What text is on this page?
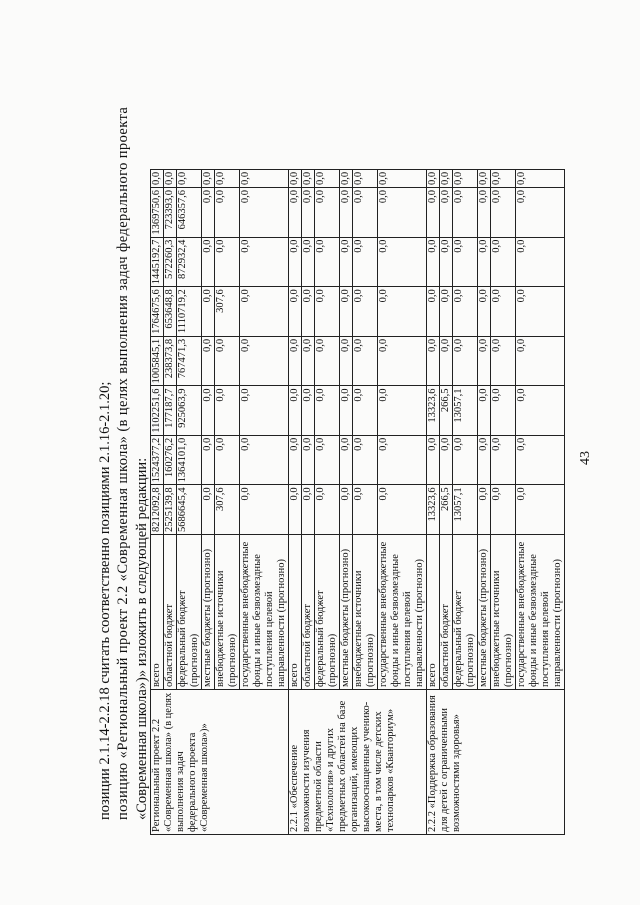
43
позиции 2.1.14-2.2.18 считать соответственно позициями 2.1.16-2.1.20; позицию «Региональный проект 2.2 «Современная школа» (в целях выполнения задач федерального проекта «Современная школа»)» изложить в следующей редакции: Региональный проект 2.2 «Современная школа» (в целях выполнения задач федерального проекта «Современная школа»)»	всего	8212092,8	1524377,2	1102251,6	1005845,1	1764675,6	1445192,7	1369750,6	0,0
	областной бюджет	2525139,8	160276,2	177187,7	238373,8	653648,8	572260,3	723393,0	0,0
	федеральный бюджет (прогнозно)	5686645,4	1364101,0	925063,9	767471,3	1110719,2	872932,4	646357,6	0,0
	местные бюджеты (прогнозно)	0,0	0,0	0,0	0,0	0,0	0,0	0,0	0,0
	внебюджетные источники (прогнозно)	307,6	0,0	0,0	0,0	307,6	0,0	0,0	0,0
	государственные внебюджетные фонды и иные безвозмездные поступления целевой направленности (прогнозно)	0,0	0,0	0,0	0,0	0,0	0,0	0,0	0,0
2.2.1 «Обеспечение возможности изучения предметной области «Технология» и других предметных областей на базе организаций, имеющих высокооснащенные ученико-места, в том числе детских технопарков «Кванториум»	всего	0,0	0,0	0,0	0,0	0,0	0,0	0,0	0,0
	областной бюджет	0,0	0,0	0,0	0,0	0,0	0,0	0,0	0,0
	федеральный бюджет (прогнозно)	0,0	0,0	0,0	0,0	0,0	0,0	0,0	0,0
	местные бюджеты (прогнозно)	0,0	0,0	0,0	0,0	0,0	0,0	0,0	0,0
	внебюджетные источники (прогнозно)	0,0	0,0	0,0	0,0	0,0	0,0	0,0	0,0
	государственные внебюджетные фонды и иные безвозмездные поступления целевой направленности (прогнозно)	0,0	0,0	0,0	0,0	0,0	0,0	0,0	0,0
2.2.2 «Поддержка образования для детей с ограниченными возможностями здоровья»	всего	13323,6	0,0	13323,6	0,0	0,0	0,0	0,0	0,0
	областной бюджет	266,5	0,0	266,5	0,0	0,0	0,0	0,0	0,0
	федеральный бюджет (прогнозно)	13057,1	0,0	13057,1	0,0	0,0	0,0	0,0	0,0
	местные бюджеты (прогнозно)	0,0	0,0	0,0	0,0	0,0	0,0	0,0	0,0
	внебюджетные источники (прогнозно)	0,0	0,0	0,0	0,0	0,0	0,0	0,0	0,0
	государственные внебюджетные фонды и иные безвозмездные поступления целевой направленности (прогнозно)	0,0	0,0	0,0	0,0	0,0	0,0	0,0	0,0
